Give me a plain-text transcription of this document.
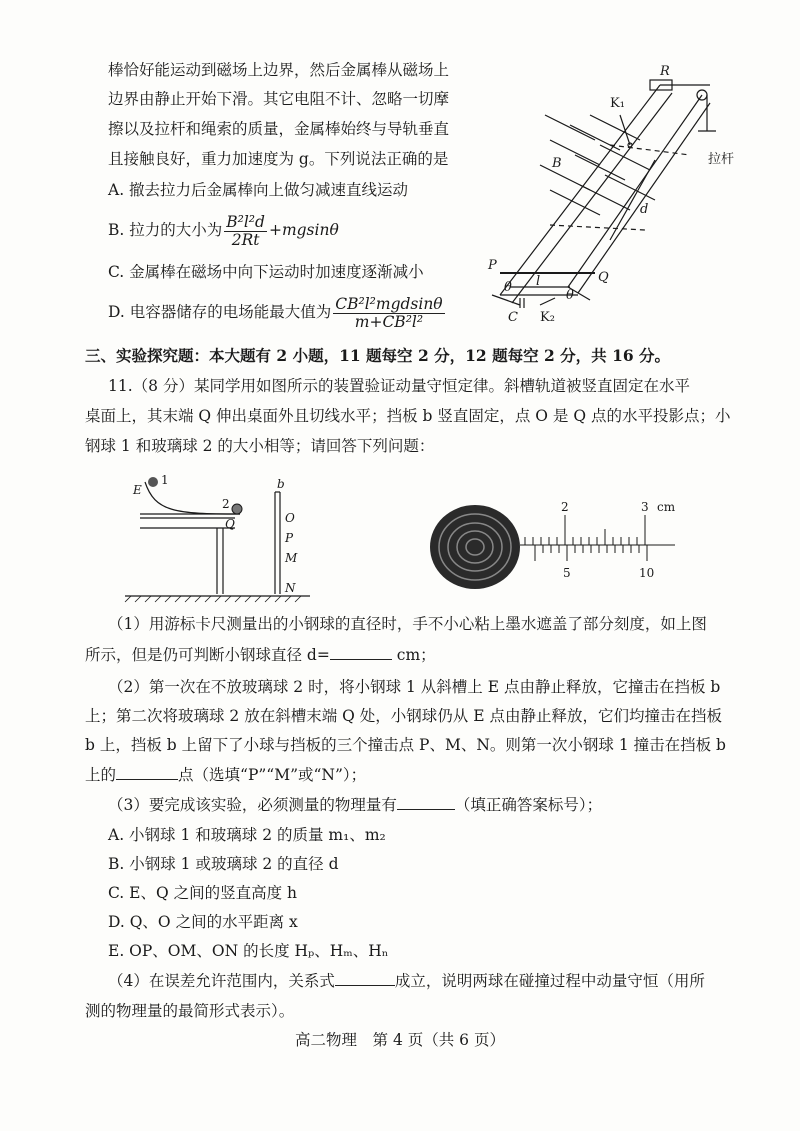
棒恰好能运动到磁场上边界，然后金属棒从磁场上
边界由静止开始下滑。其它电阻不计、忽略一切摩
擦以及拉杆和绳索的质量，金属棒始终与导轨垂直
且接触良好，重力加速度为 g。下列说法正确的是
A. 撤去拉力后金属棒向上做匀减速直线运动
B. 拉力的大小为 $\frac{\text{B²l²d}}{2Rt} +mgsin\theta$
C. 金属棒在磁场中向下运动时加速度逐渐减小
D. 电容器储存的电场能最大值为 $\frac{\text{CB²l²mgdsinθ}}{\text{m+CB²l²}}$
R
K₁
B	拉杆
d
P
Q
l
θ
θ
C K₂
三、实验探究题：本大题有 2 小题，11 题每空 2 分，12 题每空 2 分，共 16 分。
11.（8 分）某同学用如图所示的装置验证动量守恒定律。斜槽轨道被竖直固定在水平
桌面上，其末端 Q 伸出桌面外且切线水平；挡板 b 竖直固定，点 O 是 Q 点的水平投影点；小
钢球 1 和玻璃球 2 的大小相等；请回答下列问题：
E
1
2
Q
b
O
P
M
N
2	3 cm
5	10
（1）用游标卡尺测量出的小钢球的直径时，手不小心粘上墨水遮盖了部分刻度，如上图
所示，但是仍可判断小钢球直径 d=	cm；
（2）第一次在不放玻璃球 2 时，将小钢球 1 从斜槽上 E 点由静止释放，它撞击在挡板 b
上；第二次将玻璃球 2 放在斜槽末端 Q 处，小钢球仍从 E 点由静止释放，它们均撞击在挡板
b 上，挡板 b 上留下了小球与挡板的三个撞击点 P、M、N。则第一次小钢球 1 撞击在挡板 b
上的	点（选填“P”“M”或“N”）；
（3）要完成该实验，必须测量的物理量有	（填正确答案标号）；
A. 小钢球 1 和玻璃球 2 的质量 m₁、m₂
B. 小钢球 1 或玻璃球 2 的直径 d
C. E、Q 之间的竖直高度 h
D. Q、O 之间的水平距离 x
E. OP、OM、ON 的长度 Hₚ、Hₘ、Hₙ
（4）在误差允许范围内，关系式	成立，说明两球在碰撞过程中动量守恒（用所
测的物理量的最简形式表示）。
高二物理　第 4 页（共 6 页）
